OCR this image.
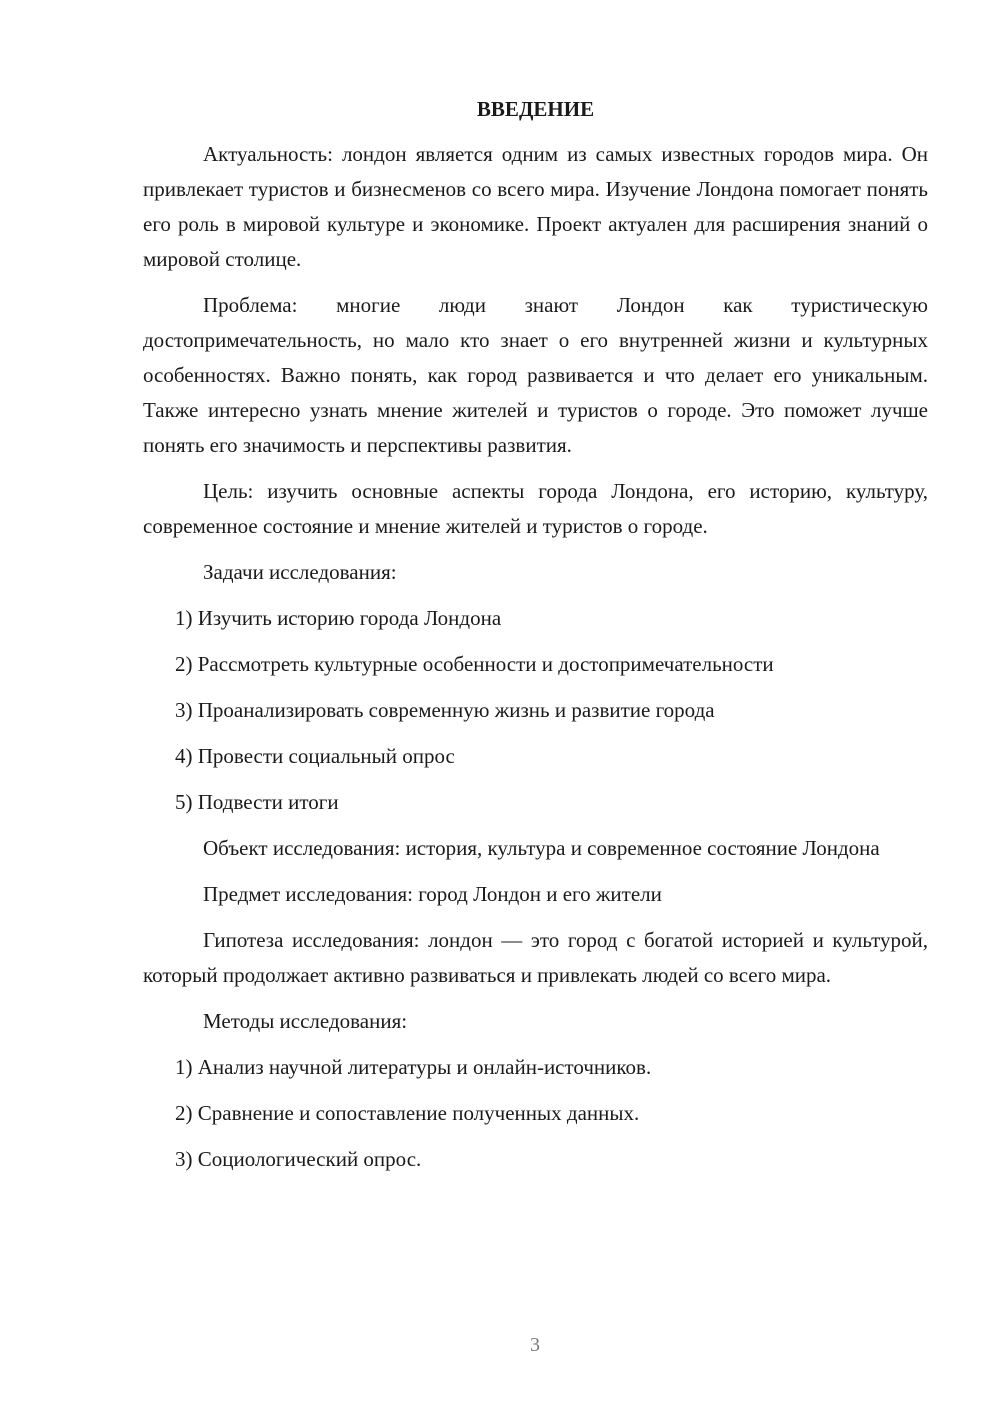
ВВЕДЕНИЕ

Актуальность: лондон является одним из самых известных городов мира. Он привлекает туристов и бизнесменов со всего мира. Изучение Лондона помогает понять его роль в мировой культуре и экономике. Проект актуален для расширения знаний о мировой столице.

Проблема: многие люди знают Лондон как туристическую достопримечательность, но мало кто знает о его внутренней жизни и культурных особенностях. Важно понять, как город развивается и что делает его уникальным. Также интересно узнать мнение жителей и туристов о городе. Это поможет лучше понять его значимость и перспективы развития.

Цель: изучить основные аспекты города Лондона, его историю, культуру, современное состояние и мнение жителей и туристов о городе.

Задачи исследования:

1) Изучить историю города Лондона

2) Рассмотреть культурные особенности и достопримечательности

3) Проанализировать современную жизнь и развитие города

4) Провести социальный опрос

5) Подвести итоги

Объект исследования: история, культура и современное состояние Лондона

Предмет исследования: город Лондон и его жители

Гипотеза исследования: лондон — это город с богатой историей и культурой, который продолжает активно развиваться и привлекать людей со всего мира.

Методы исследования:

1) Анализ научной литературы и онлайн-источников.

2) Сравнение и сопоставление полученных данных.

3) Социологический опрос.

3
